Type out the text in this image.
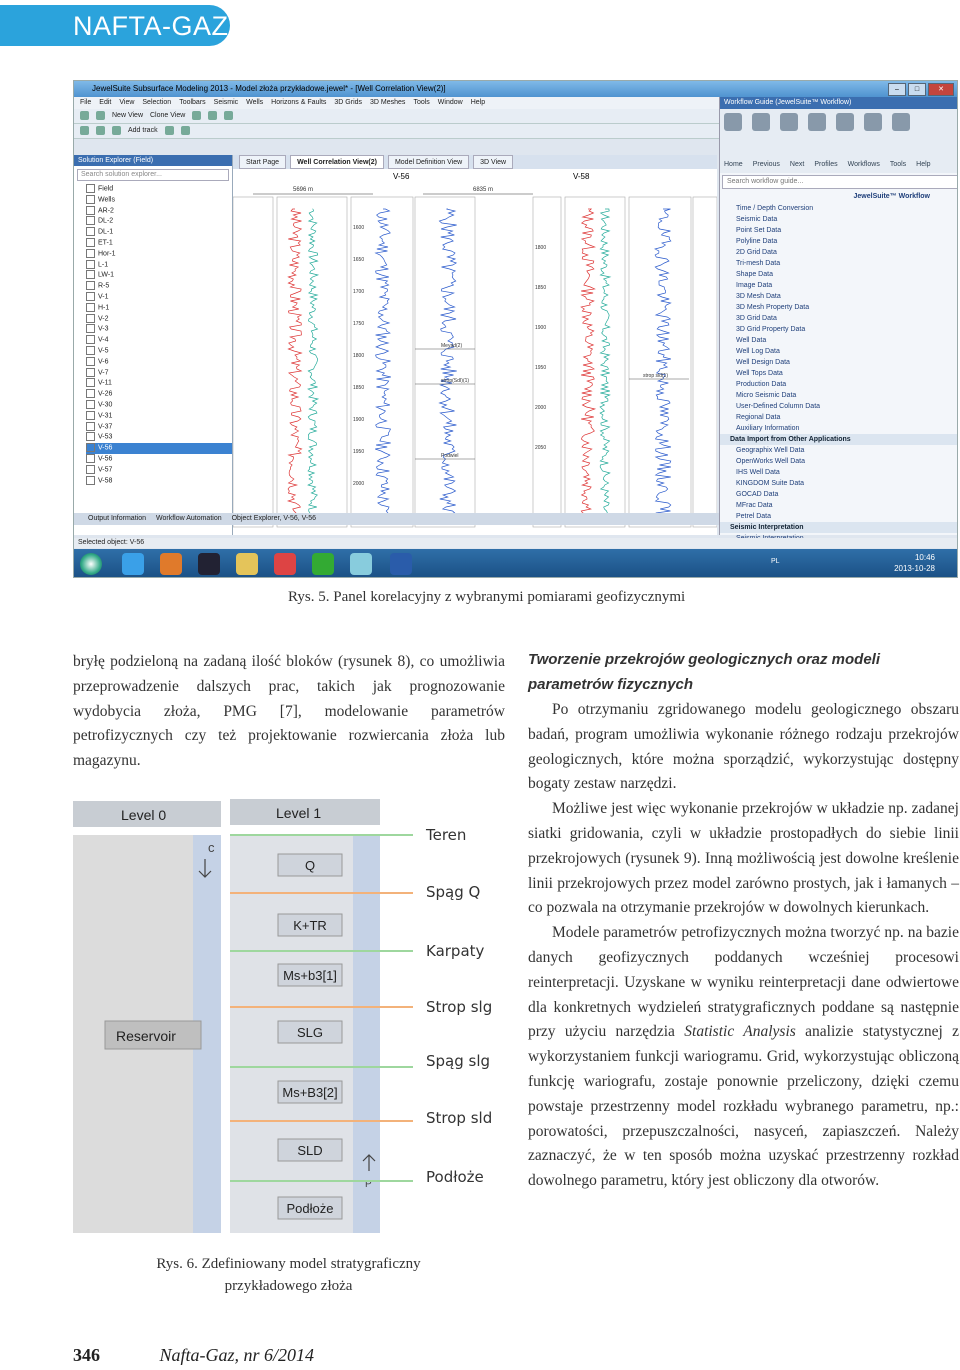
NAFTA-GAZ
JewelSuite Subsurface Modeling 2013 - Model złoża przykładowe.jewel* - [Well Correlation View(2)]	–	□	✕
File Edit View Selection Toolbars Seismic Wells Horizons & Faults 3D Grids 3D Meshes Tools Window Help
New View Clone View
Add track
Solution Explorer (Field)
Search solution explorer...
Field
Wells
AR-2
DL-2
DL-1
ET-1
Hor-1
L-1
LW-1
R-5
V-1
H-1
V-2
V-3
V-4
V-5
V-6
V-7
V-11
V-26
V-30
V-31
V-37
V-53
V-56
V-56
V-57
V-58
Start Page	Well Correlation View(2)	Model Definition View	3D View
V-56	V-58
5696 m	6835 m
1600
1650
1700
1750
1800
1850
1900
1950
2000
1800
1850
1900
1950
2000
2050
Meyad(2)
strop(SdI)(1)
Podwiel
strop sld(1)
Workflow Guide (JewelSuite™ Workflow)
Home Previous Next Profiles Workflows Tools Help
Search workflow guide...
JewelSuite™ Workflow
Time / Depth Conversion
Seismic Data
Point Set Data
Polyline Data
2D Grid Data
Tri-mesh Data
Shape Data
Image Data
3D Mesh Data
3D Mesh Property Data
3D Grid Data
3D Grid Property Data
Well Data
Well Log Data
Well Design Data
Well Tops Data
Production Data
Micro Seismic Data
User-Defined Column Data
Regional Data
Auxiliary Information
Data Import from Other Applications
Geographix Well Data
OpenWorks Well Data
IHS Well Data
KINGDOM Suite Data
GOCAD Data
MFrac Data
Petrel Data
Seismic Interpretation
Output Information Workflow Automation Object Explorer, V-56, V-56
Selected object: V-56
PL	10:46
2013-10-28
Rys. 5. Panel korelacyjny z wybranymi pomiarami geofizycznymi
bryłę podzieloną na zadaną ilość bloków (rysunek 8), co umożliwia przeprowadzenie dalszych prac, takich jak prognozowanie wydobycia złoża, PMG [7], modelowanie parametrów petrofizycznych czy też projektowanie rozwiercania złoża lub magazynu.
Level 0	Level 1
Reservoir
c
Q
K+TR
Ms+b3[1]
SLG
Ms+B3[2]
SLD
Podłoże
P
Teren
Spąg Q
Karpaty
Strop slg
Spąg slg
Strop sld
Podłoże
Rys. 6. Zdefiniowany model stratygraficzny
przykładowego złoża
Tworzenie przekrojów geologicznych oraz modeli parametrów fizycznych

Po otrzymaniu zgridowanego modelu geologicznego obszaru badań, program umożliwia wykonanie różnego rodzaju przekrojów geologicznych, które można sporządzić, wykorzystując dostępny bogaty zestaw narzędzi.

Możliwe jest więc wykonanie przekrojów w układzie np. zadanej siatki gridowania, czyli w układzie prostopadłych do siebie linii przekrojowych (rysunek 9). Inną możliwością jest dowolne kreślenie linii przekrojowych przez model zarówno prostych, jak i łamanych – co pozwala na otrzymanie przekrojów w dowolnych kierunkach.

Modele parametrów petrofizycznych można tworzyć np. na bazie danych geofizycznych poddanych wcześniej procesowi reinterpretacji. Uzyskane w wyniku reinterpretacji dane odwiertowe dla konkretnych wydzieleń stratygraficznych poddane są następnie przy użyciu narzędzia Statistic Analysis analizie statystycznej z wykorzystaniem funkcji wariogramu. Grid, wykorzystując obliczoną funkcję wariografu, zostaje ponownie przeliczony, dzięki czemu powstaje przestrzenny model rozkładu wybranego parametru, np.: porowatości, przepuszczalności, nasyceń, zapiaszczeń. Należy zaznaczyć, że w ten sposób można uzyskać przestrzenny rozkład dowolnego parametru, który jest obliczony dla otworów.

346	Nafta-Gaz, nr 6/2014
